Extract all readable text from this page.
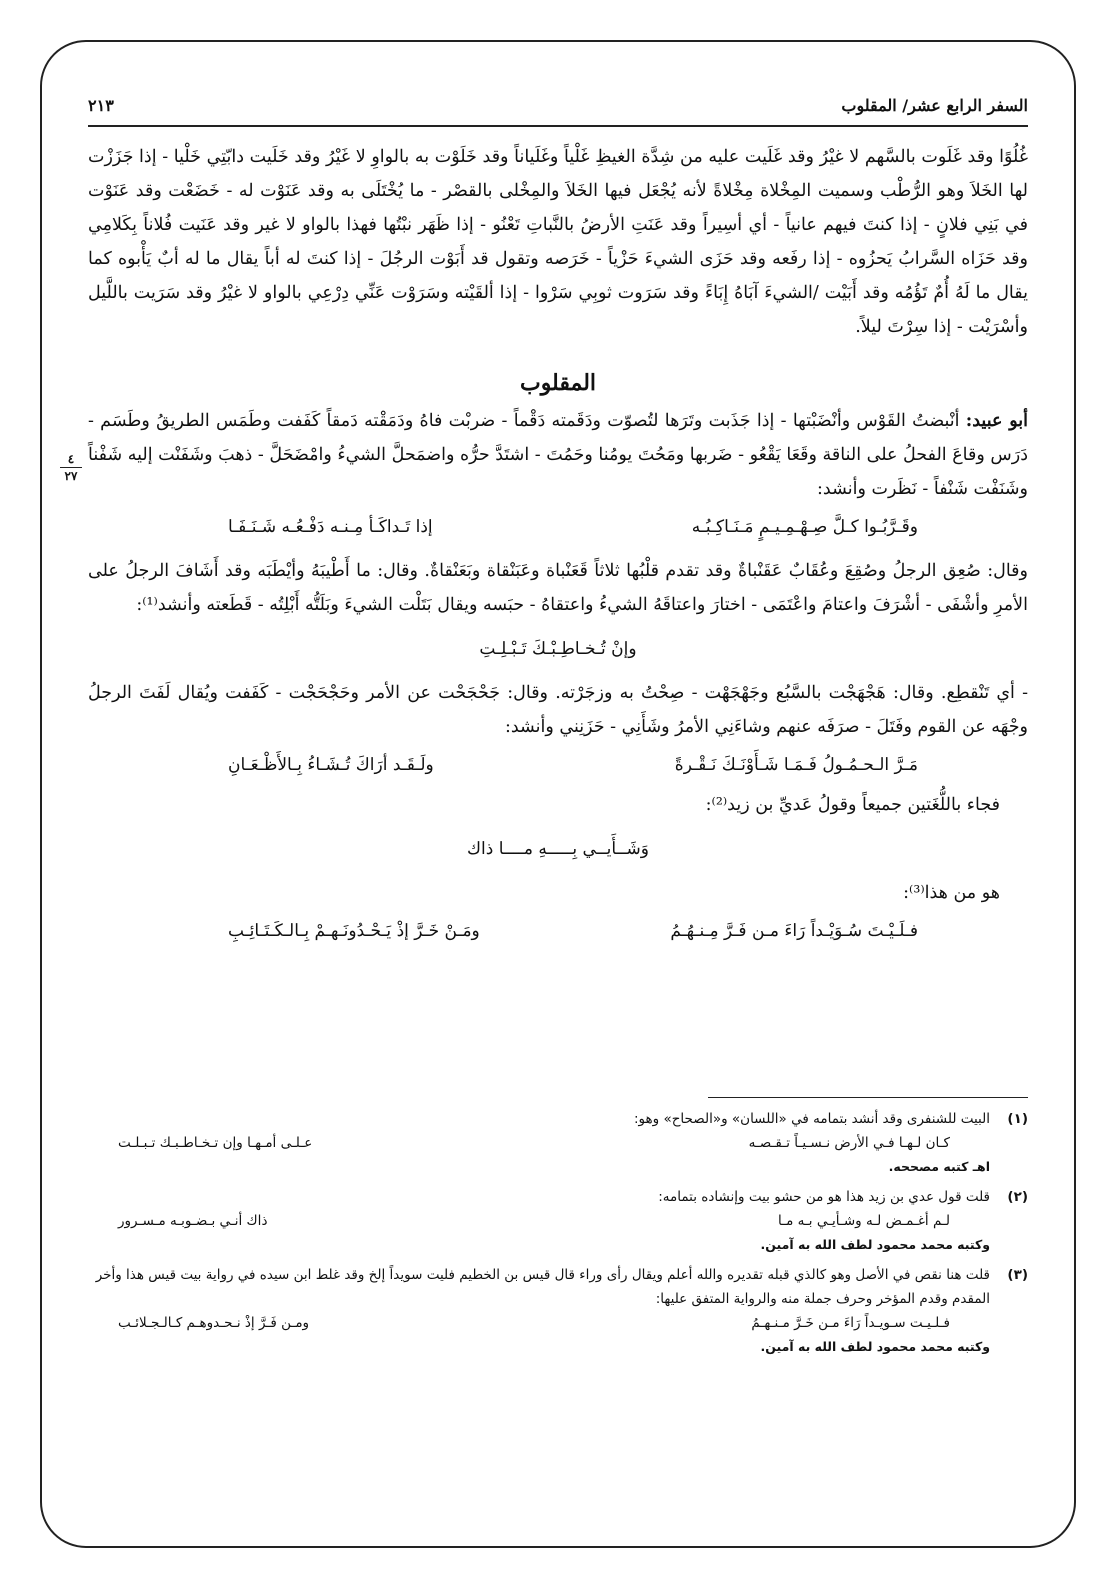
٢١٣	السفر الرابع عشر/ المقلوب
٤
٢٧

غُلُوًا وقد غَلَوت بالسَّهم لا غيْرُ وقد غَلَيت عليه من شِدَّة الغيظِ غَلْياً وغَلَياناً وقد خَلَوْت به بالواوِ لا غَيْرُ وقد خَلَيت دابّتِي خَلْيا - إذا جَزَزْت لها الخَلاَ وهو الرُّطْب وسميت المِخْلاة مِخْلاةً لأنه يُجْعَل فيها الخَلاَ والمِخْلى بالقصْر - ما يُخْتَلَى به وقد عَنَوْت له - خَضَعْت وقد عَنَوْت في بَنِي فلانٍ - إذا كنتَ فيهم عانياً - أي أسِيراً وقد عَنَتِ الأرضُ بالنَّباتِ تَعْنُو - إذا ظَهَر نبْتُها فهذا بالواو لا غير وقد عَنَيت فُلاناً بِكَلامِي وقد حَزَاه السَّرابُ يَحزُوه - إذا رفَعه وقد حَزَى الشيءَ حَزْياً - خَرَصه وتقول قد أَبَوْت الرجُلَ - إذا كنتَ له أباً يقال ما له أبٌ يَأْبوه كما يقال ما لَهُ أُمٌ تَؤُمُه وقد أَبَيْت /الشيءَ آبَاهُ إِبَاءً وقد سَرَوت ثوبِي سَرْوا - إذا ألقَيْته وسَرَوْت عَنِّي دِرْعِي بالواو لا غيْرُ وقد سَرَيت باللَّيل وأسْرَيْت - إذا سِرْتَ ليلاً.

المقلوب

أبو عبيد: أنْبضتُ القَوْس وأنْضَبْتها - إذا جَذَبت وتَرَها لتُصوّت ودَقَمته دَقْماً - ضربْت فاهُ ودَمَقْته دَمقاً كَفَفت وطَمَس الطريقُ وطَسَم - دَرَس وقاعَ الفحلُ على الناقة وقَعَا يَقْعُو - ضَربها ومَحُتَ يومُنا وحَمُتَ - اشتَدَّ حرُّه واضمَحلَّ الشيءُ وامْضَحَلَّ - ذهبَ وشَفَنْت إليه شَفْناً وشَنَفْت شَنْفاً - نَظَرت وأنشد:

وقَـرَّبُـوا كـلَّ صِـهْـمِـيـمٍ مَـنَـاكِـبُـه
إذا تَـداكَـأ مِـنـه دَفْـعُـه شَـنَـفَـا

وقال: صُعِق الرجلُ وصُقِعَ وعُقَابٌ عَقَنْباةٌ وقد تقدم قلْبُها ثلاثاً قَعَنْباة وعَبَنْقاة وبَعَنْقاةٌ. وقال: ما أَطْيبَهُ وأيْطَبَه وقد أَشَافَ الرجلُ على الأمرِ وأشْفَى - أشْرَفَ واعتامَ واعْتَمَى - اختارَ واعتاقَهُ الشيءُ واعتقاهُ - حبَسه ويقال بَتَلْت الشيءَ وبَلَتُّه أَبْلِتُه - قَطَعته وأنشد⁽¹⁾:

وإنْ تُـخـاطِـبْـكَ تَـبْـلِـتِ

- أي تَنْقطِع. وقال: هَجْهَجْت بالسَّبُع وجَهْجَهْت - صِحْتُ به وزجَرْته. وقال: جَحْجَحْت عن الأمر وحَجْحَجْت - كَفَفت ويُقال لَفَتَ الرجلُ وجْهَه عن القوم وفَتَلَ - صرَفَه عنهم وشاءَنِي الأمرُ وشَأَنِي - حَزَنِني وأنشد:

مَـرَّ الـحـمُـولُ فَـمَـا شَـأَوْنَـكَ نَـقْـرةً
ولَـقَـد أرَاكَ تُـشَـاءُ بِـالأَظْـعَـانِ

فجاء باللُّغَتين جميعاً وقولُ عَديِّ بن زيد⁽²⁾:

وَشَــأَيــي بِـــــهِ مــــا ذاك

هو من هذا⁽³⁾:

فـلَـيْـتَ سُـوَيْـداً رَاءَ مـن فَـرَّ مِـنـهُـمُ
ومَـنْ خَـرَّ إذْ يَـحْـدُونَـهـمْ بِـالـكَـتَـائِـبِ
(١)
البيت للشنفرى وقد أنشد بتمامه في «اللسان» و«الصحاح» وهو:
كـان لـهـا فـي الأرض نـسـيـاً تـقـصـه
عـلـى أمـهـا وإن تـخـاطـبـك تـبـلـت
اهـ كتبه مصححه.
(٢)
قلت قول عدي بن زيد هذا هو من حشو بيت وإنشاده بتمامه:
لـم أغـمـض لـه وشـأيـي بـه مـا
ذاك أنـي بـضـوبـه مـسـرور
وكتبه محمد محمود لطف الله به آمين.
(٣)
قلت هنا نقص في الأصل وهو كالذي قبله تقديره والله أعلم ويقال رأى وراء قال قيس بن الخطيم فليت سويداً إلخ وقد غلط ابن سيده في رواية بيت قيس هذا وأخر المقدم وقدم المؤخر وحرف جملة منه والرواية المتفق عليها:
فـلـيـت سـويـداً رَاءَ مـن خَـرَّ مـنـهـمُ
ومـن فَـرَّ إذْ نـحـدوهـم كـالـجـلائـب
وكتبه محمد محمود لطف الله به آمين.
